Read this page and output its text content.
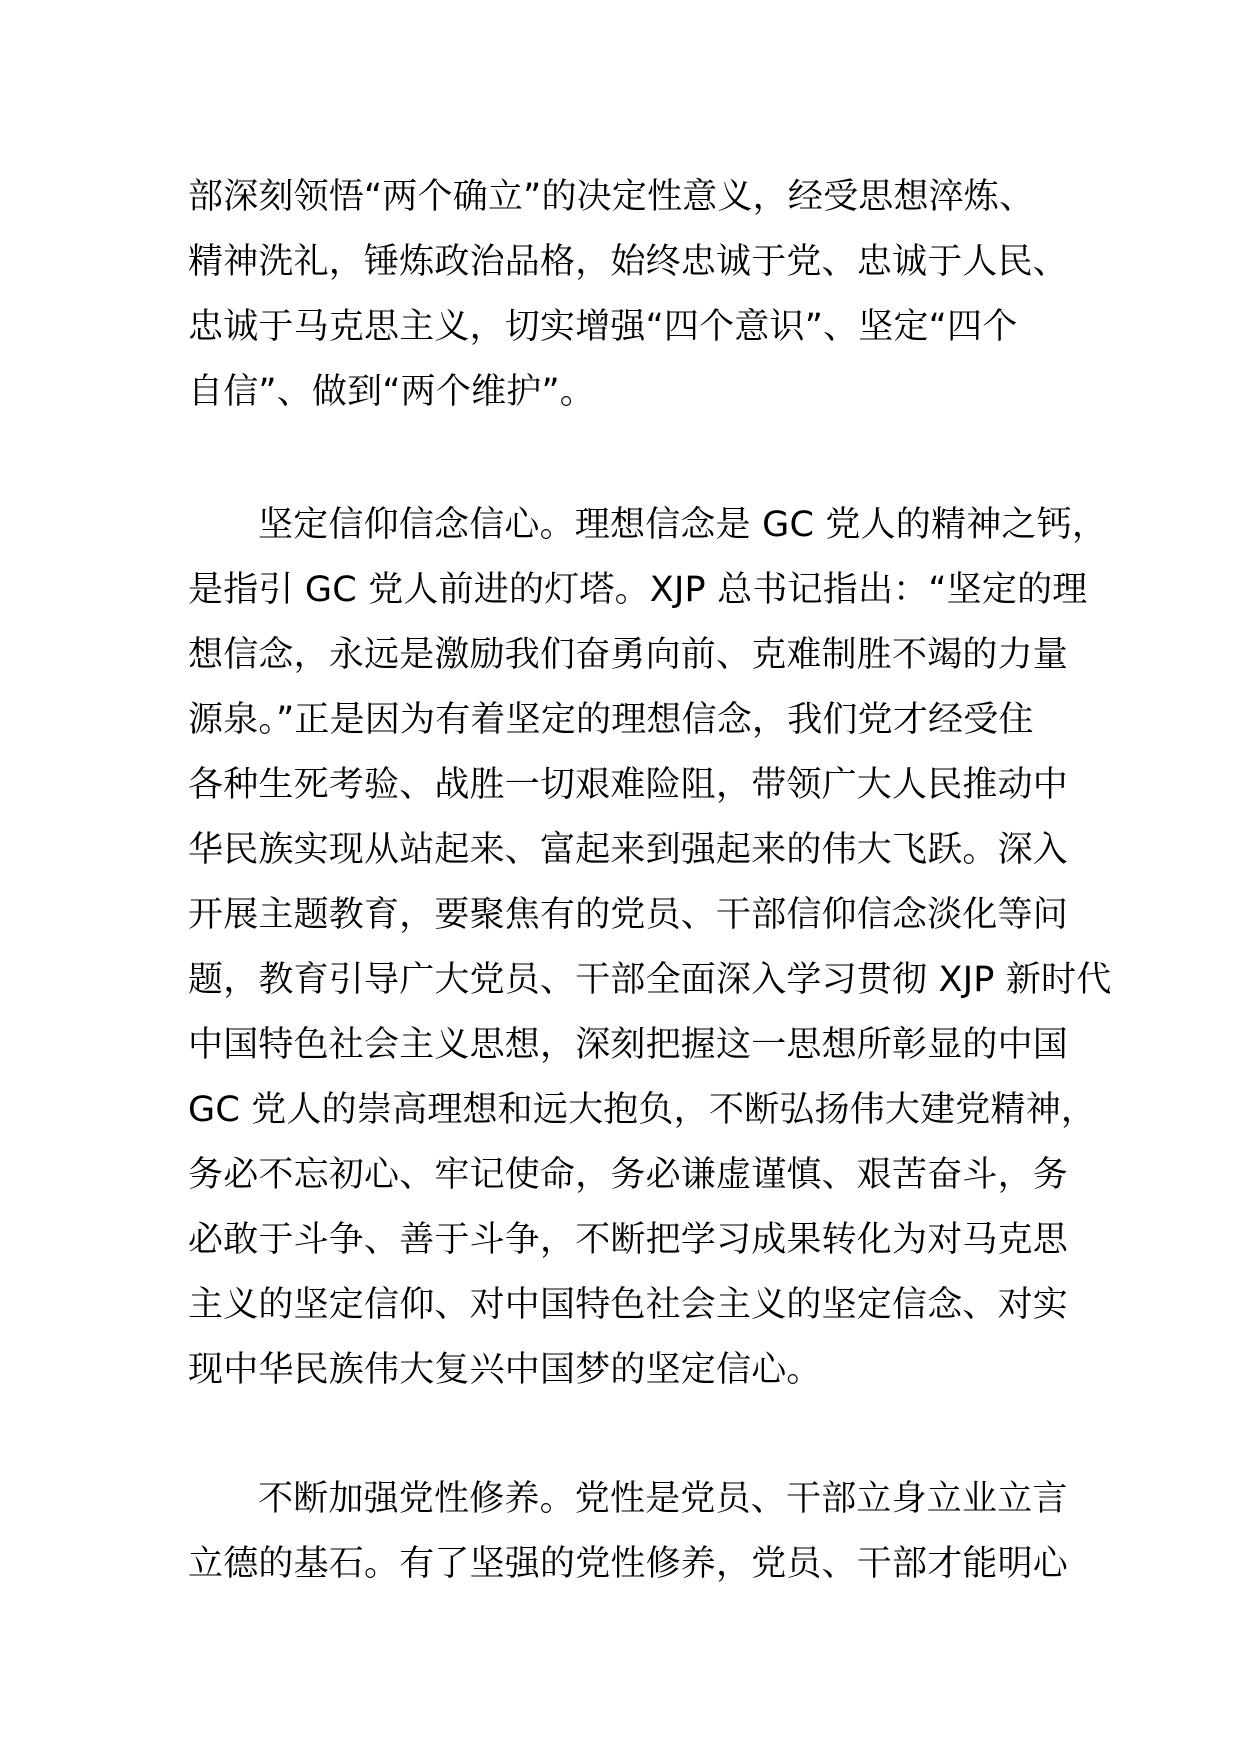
部深刻领悟“两个确立”的决定性意义，经受思想淬炼、
精神洗礼，锤炼政治品格，始终忠诚于党、忠诚于人民、
忠诚于马克思主义，切实增强“四个意识”、坚定“四个
自信”、做到“两个维护”。
坚定信仰信念信心。理想信念是 GC 党人的精神之钙，
是指引 GC 党人前进的灯塔。XJP 总书记指出：“坚定的理
想信念，永远是激励我们奋勇向前、克难制胜不竭的力量
源泉。”正是因为有着坚定的理想信念，我们党才经受住
各种生死考验、战胜一切艰难险阻，带领广大人民推动中
华民族实现从站起来、富起来到强起来的伟大飞跃。深入
开展主题教育，要聚焦有的党员、干部信仰信念淡化等问
题，教育引导广大党员、干部全面深入学习贯彻 XJP 新时代
中国特色社会主义思想，深刻把握这一思想所彰显的中国
GC 党人的崇高理想和远大抱负，不断弘扬伟大建党精神，
务必不忘初心、牢记使命，务必谦虚谨慎、艰苦奋斗，务
必敢于斗争、善于斗争，不断把学习成果转化为对马克思
主义的坚定信仰、对中国特色社会主义的坚定信念、对实
现中华民族伟大复兴中国梦的坚定信心。
不断加强党性修养。党性是党员、干部立身立业立言
立德的基石。有了坚强的党性修养，党员、干部才能明心
